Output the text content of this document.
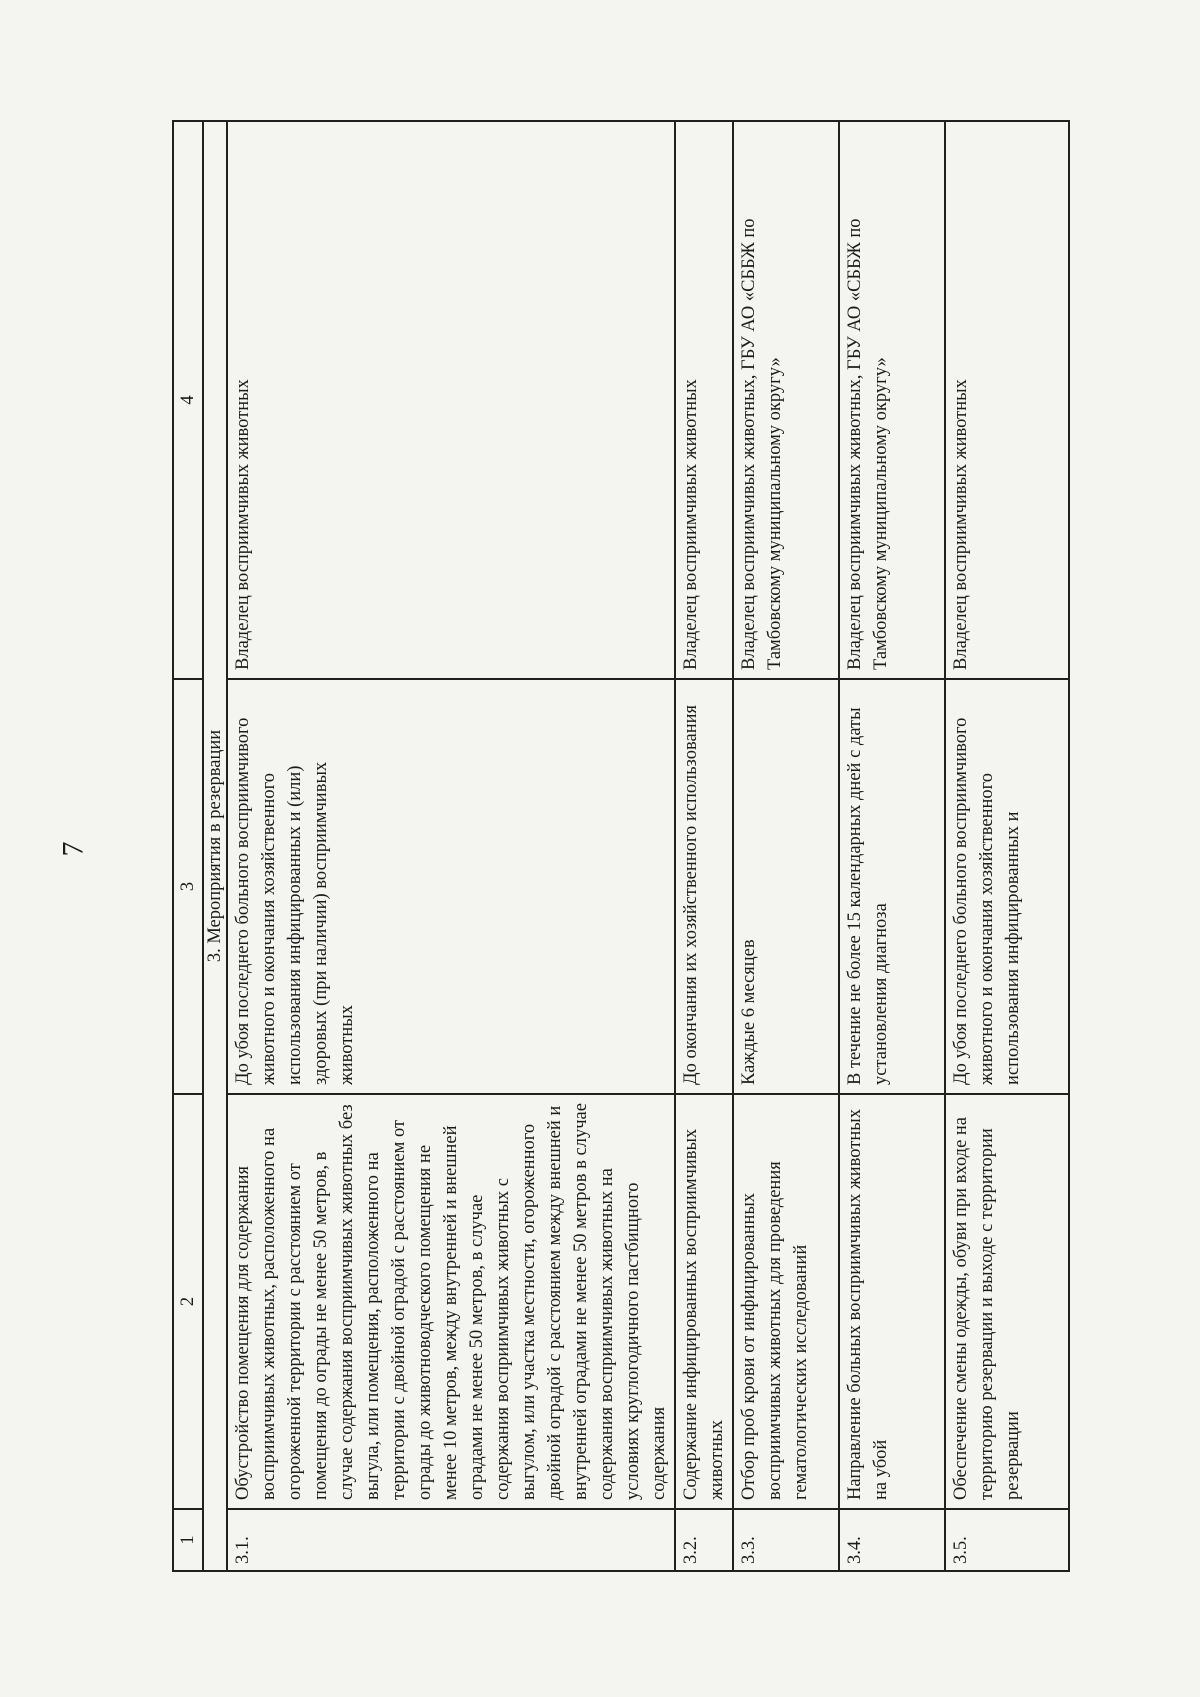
7
1	2	3	4
3. Мероприятия в резервации			
3.1.	Обустройство помещения для содержания восприимчивых животных, расположенного на огороженной территории с расстоянием от помещения до ограды не менее 50 метров, в случае содержания восприимчивых животных без выгула, или помещения, расположенного на территории с двойной оградой с расстоянием от ограды до животноводческого помещения не менее 10 метров, между внутренней и внешней оградами не менее 50 метров, в случае содержания восприимчивых животных с выгулом, или участка местности, огороженного двойной оградой с расстоянием между внешней и внутренней оградами не менее 50 метров в случае содержания восприимчивых животных на условиях круглогодичного пастбищного содержания	До убоя последнего больного восприимчивого животного и окончания хозяйственного использования инфицированных и (или) здоровых (при наличии) восприимчивых животных	Владелец восприимчивых животных
3.2.	Содержание инфицированных восприимчивых животных	До окончания их хозяйственного использования	Владелец восприимчивых животных
3.3.	Отбор проб крови от инфицированных восприимчивых животных для проведения гематологических исследований	Каждые 6 месяцев	Владелец восприимчивых животных, ГБУ АО «СББЖ по Тамбовскому муниципальному округу»
3.4.	Направление больных восприимчивых животных на убой	В течение не более 15 календарных дней с даты установления диагноза	Владелец восприимчивых животных, ГБУ АО «СББЖ по Тамбовскому муниципальному округу»
3.5.	Обеспечение смены одежды, обуви при входе на территорию резервации и выходе с территории резервации	До убоя последнего больного восприимчивого животного и окончания хозяйственного использования инфицированных и	Владелец восприимчивых животных
